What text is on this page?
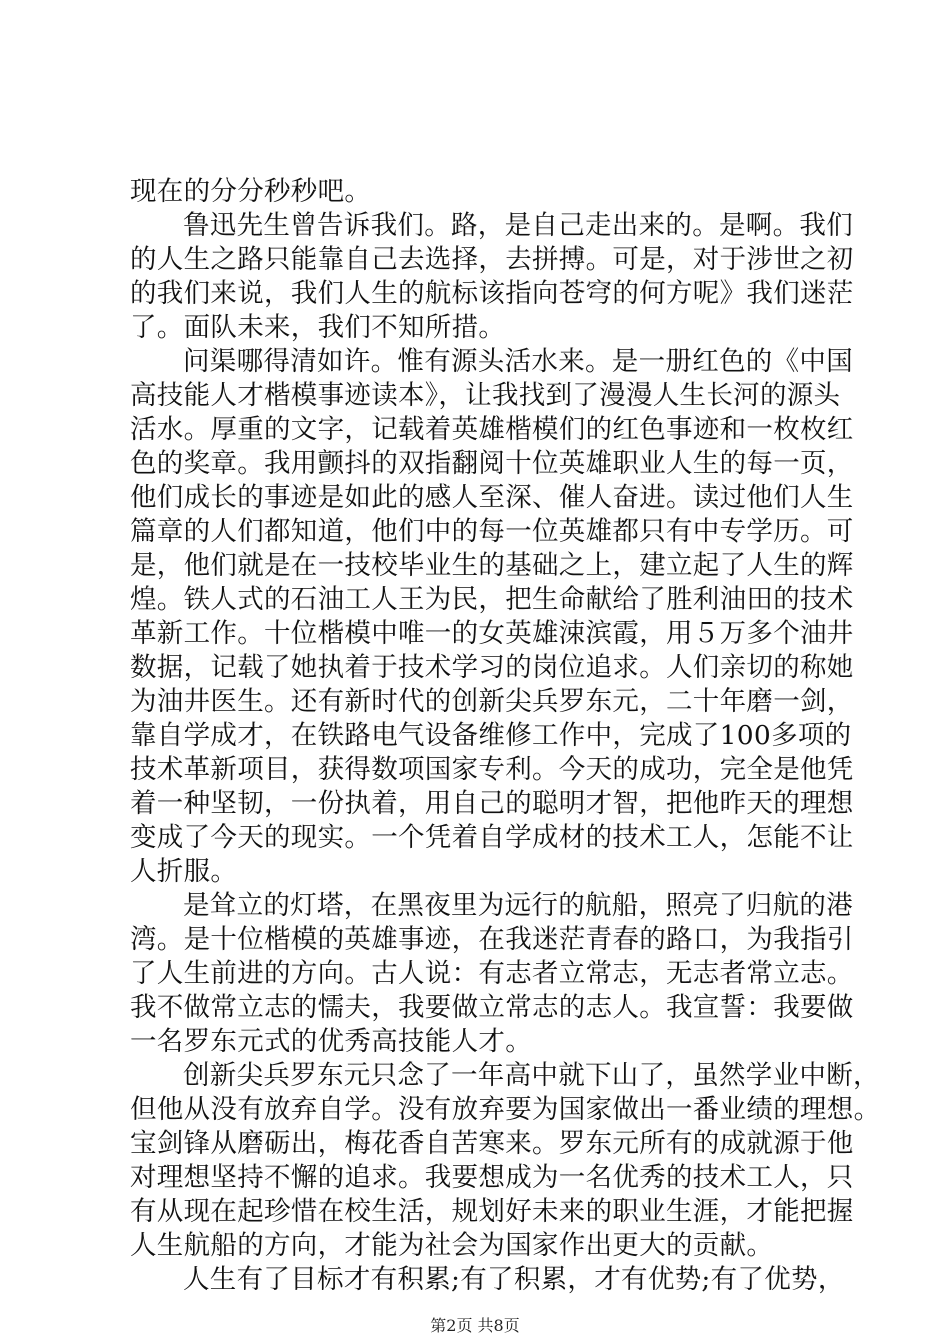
现在的分分秒秒吧。
鲁迅先生曾告诉我们。路，是自己走出来的。是啊。我们
的人生之路只能靠自己去选择，去拼搏。可是，对于涉世之初
的我们来说，我们人生的航标该指向苍穹的何方呢》我们迷茫
了。面队未来，我们不知所措。
问渠哪得清如许。惟有源头活水来。是一册红色的《中国
高技能人才楷模事迹读本》，让我找到了漫漫人生长河的源头
活水。厚重的文字，记载着英雄楷模们的红色事迹和一枚枚红
色的奖章。我用颤抖的双指翻阅十位英雄职业人生的每一页，
他们成长的事迹是如此的感人至深、催人奋进。读过他们人生
篇章的人们都知道，他们中的每一位英雄都只有中专学历。可
是，他们就是在一技校毕业生的基础之上，建立起了人生的辉
煌。铁人式的石油工人王为民，把生命献给了胜利油田的技术
革新工作。十位楷模中唯一的女英雄涑滨霞，用５万多个油井
数据，记载了她执着于技术学习的岗位追求。人们亲切的称她
为油井医生。还有新时代的创新尖兵罗东元，二十年磨一剑，
靠自学成才，在铁路电气设备维修工作中，完成了100多项的
技术革新项目，获得数项国家专利。今天的成功，完全是他凭
着一种坚韧，一份执着，用自己的聪明才智，把他昨天的理想
变成了今天的现实。一个凭着自学成材的技术工人，怎能不让
人折服。
是耸立的灯塔，在黑夜里为远行的航船，照亮了归航的港
湾。是十位楷模的英雄事迹，在我迷茫青春的路口，为我指引
了人生前进的方向。古人说：有志者立常志，无志者常立志。
我不做常立志的懦夫，我要做立常志的志人。我宣誓：我要做
一名罗东元式的优秀高技能人才。
创新尖兵罗东元只念了一年高中就下山了，虽然学业中断，
但他从没有放弃自学。没有放弃要为国家做出一番业绩的理想。
宝剑锋从磨砺出，梅花香自苦寒来。罗东元所有的成就源于他
对理想坚持不懈的追求。我要想成为一名优秀的技术工人，只
有从现在起珍惜在校生活，规划好未来的职业生涯，才能把握
人生航船的方向，才能为社会为国家作出更大的贡献。
人生有了目标才有积累;有了积累，才有优势;有了优势，
第2页 共8页
